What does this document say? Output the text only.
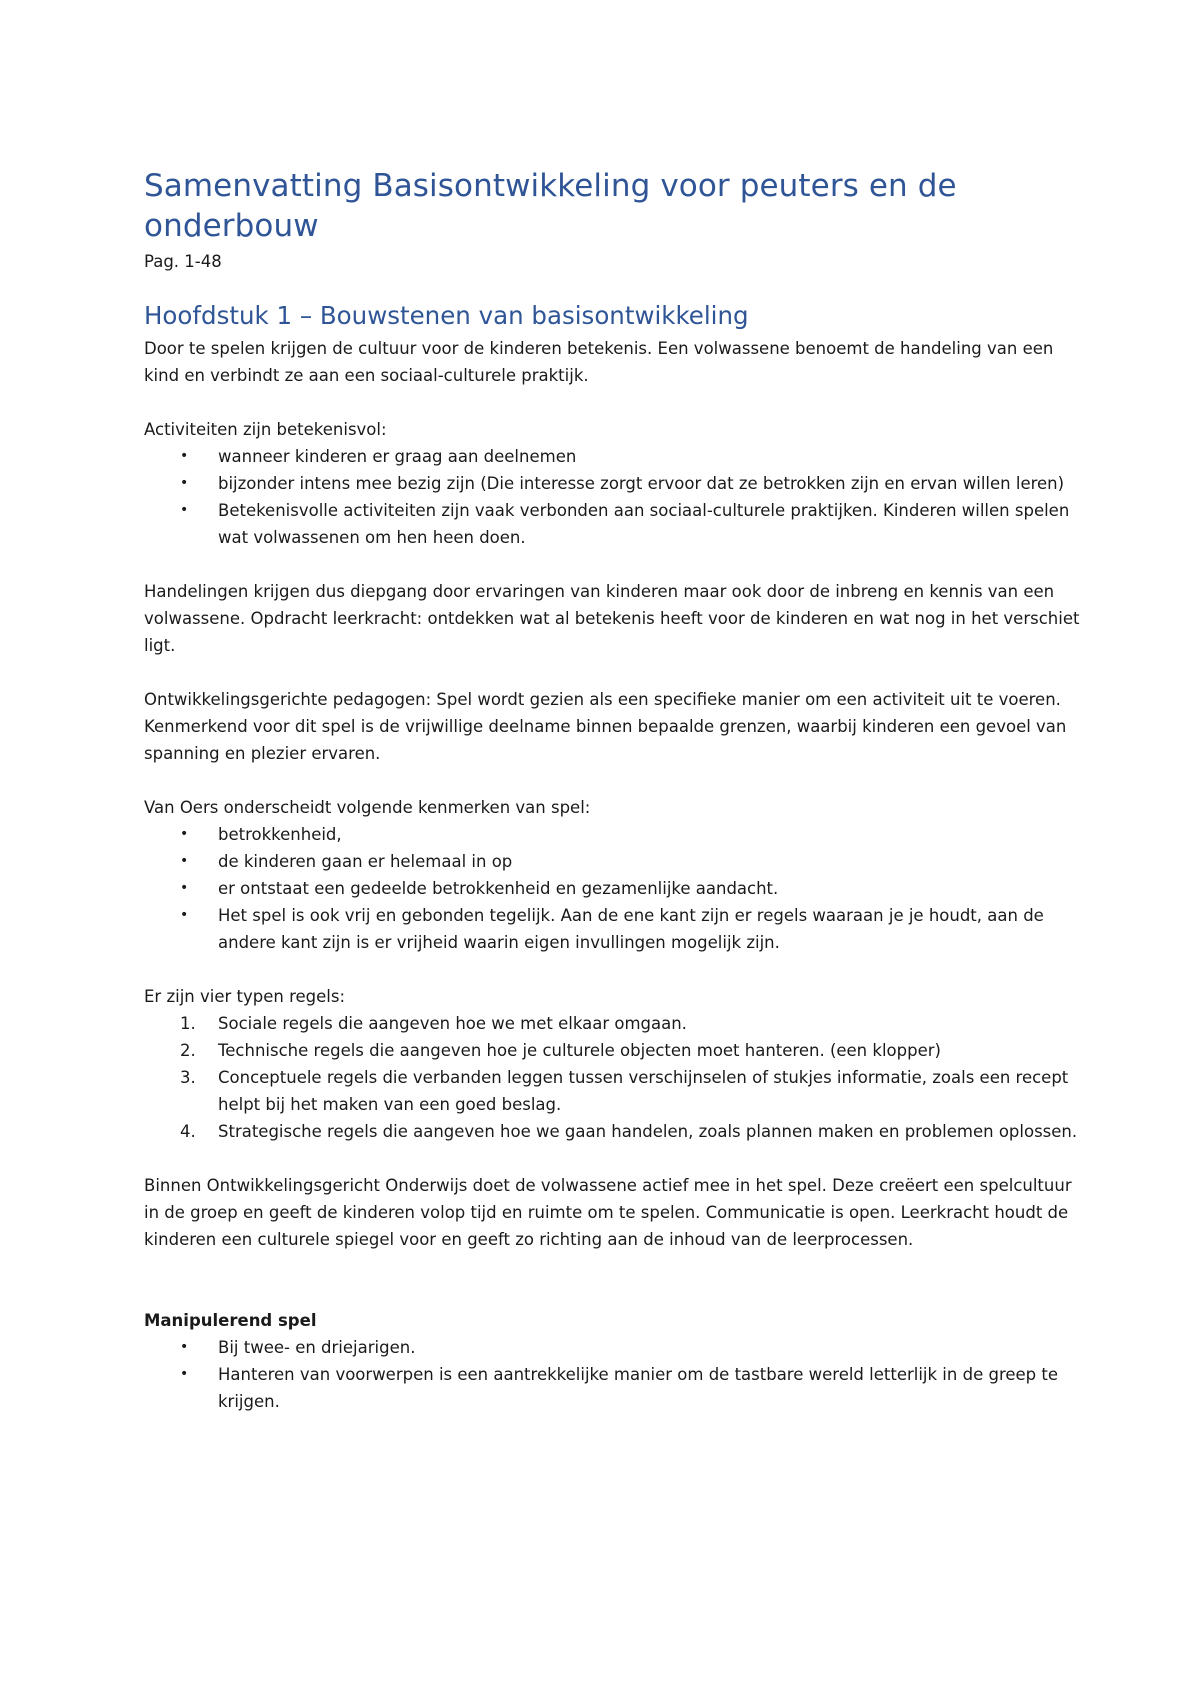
Samenvatting Basisontwikkeling voor peuters en de onderbouw

Pag. 1-48

Hoofdstuk 1 – Bouwstenen van basisontwikkeling

Door te spelen krijgen de cultuur voor de kinderen betekenis. Een volwassene benoemt de handeling van een kind en verbindt ze aan een sociaal-culturele praktijk.

Activiteiten zijn betekenisvol:

•	wanneer kinderen er graag aan deelnemen
•	bijzonder intens mee bezig zijn (Die interesse zorgt ervoor dat ze betrokken zijn en ervan willen leren)
•	Betekenisvolle activiteiten zijn vaak verbonden aan sociaal-culturele praktijken. Kinderen willen spelen wat volwassenen om hen heen doen.

Handelingen krijgen dus diepgang door ervaringen van kinderen maar ook door de inbreng en kennis van een volwassene. Opdracht leerkracht: ontdekken wat al betekenis heeft voor de kinderen en wat nog in het verschiet ligt.

Ontwikkelingsgerichte pedagogen: Spel wordt gezien als een specifieke manier om een activiteit uit te voeren. Kenmerkend voor dit spel is de vrijwillige deelname binnen bepaalde grenzen, waarbij kinderen een gevoel van spanning en plezier ervaren.

Van Oers onderscheidt volgende kenmerken van spel:

•	betrokkenheid,
•	de kinderen gaan er helemaal in op
•	er ontstaat een gedeelde betrokkenheid en gezamenlijke aandacht.
•	Het spel is ook vrij en gebonden tegelijk. Aan de ene kant zijn er regels waaraan je je houdt, aan de andere kant zijn is er vrijheid waarin eigen invullingen mogelijk zijn.

Er zijn vier typen regels:

1.	Sociale regels die aangeven hoe we met elkaar omgaan.
2.	Technische regels die aangeven hoe je culturele objecten moet hanteren. (een klopper)
3.	Conceptuele regels die verbanden leggen tussen verschijnselen of stukjes informatie, zoals een recept helpt bij het maken van een goed beslag.
4.	Strategische regels die aangeven hoe we gaan handelen, zoals plannen maken en problemen oplossen.

Binnen Ontwikkelingsgericht Onderwijs doet de volwassene actief mee in het spel. Deze creëert een spelcultuur in de groep en geeft de kinderen volop tijd en ruimte om te spelen. Communicatie is open. Leerkracht houdt de kinderen een culturele spiegel voor en geeft zo richting aan de inhoud van de leerprocessen.

Manipulerend spel

•	Bij twee- en driejarigen.
•	Hanteren van voorwerpen is een aantrekkelijke manier om de tastbare wereld letterlijk in de greep te krijgen.
